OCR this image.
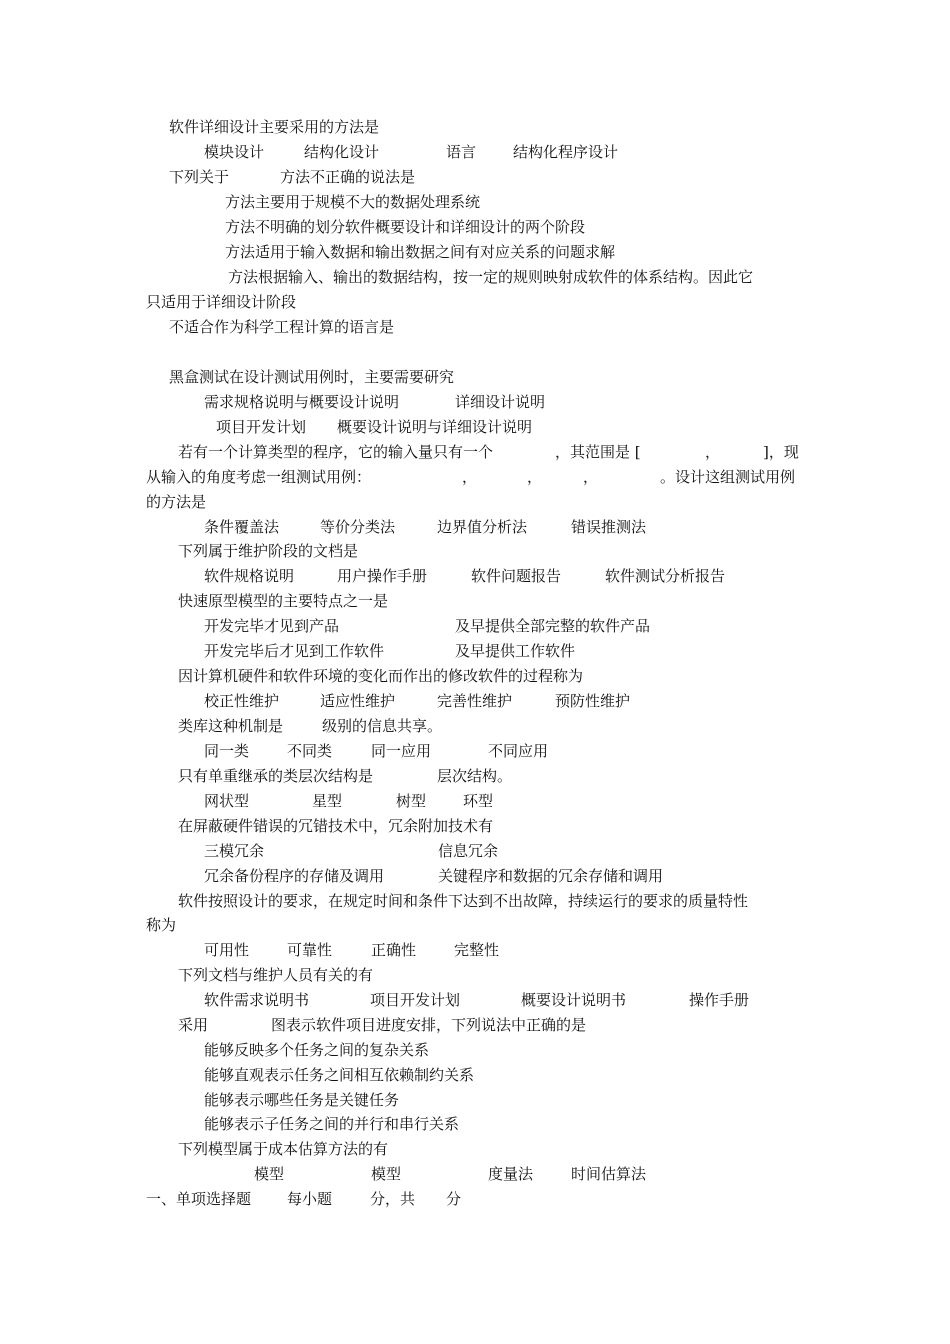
软件详细设计主要采用的方法是
模块设计	结构化设计	语言 结构化程序设计
下列关于	方法不正确的说法是
方法主要用于规模不大的数据处理系统
方法不明确的划分软件概要设计和详细设计的两个阶段
方法适用于输入数据和输出数据之间有对应关系的问题求解
方法根据输入、输出的数据结构，按一定的规则映射成软件的体系结构。因此它
只适用于详细设计阶段
不适合作为科学工程计算的语言是
黑盒测试在设计测试用例时，主要需要研究
需求规格说明与概要设计说明	详细设计说明
项目开发计划 概要设计说明与详细设计说明
若有一个计算类型的程序，它的输入量只有一个	，其范围是 [	，	]，现
从输入的角度考虑一组测试用例：	，	，	，	。设计这组测试用例
的方法是
条件覆盖法	等价分类法	边界值分析法	错误推测法
下列属于维护阶段的文档是
软件规格说明	用户操作手册	软件问题报告	软件测试分析报告
快速原型模型的主要特点之一是
开发完毕才见到产品	及早提供全部完整的软件产品
开发完毕后才见到工作软件	及早提供工作软件
因计算机硬件和软件环境的变化而作出的修改软件的过程称为
校正性维护	适应性维护	完善性维护	预防性维护
类库这种机制是	级别的信息共享。
同一类	不同类	同一应用	不同应用
只有单重继承的类层次结构是	层次结构。
网状型	星型	树型 环型
在屏蔽硬件错误的冗错技术中，冗余附加技术有
三模冗余	信息冗余
冗余备份程序的存储及调用	关键程序和数据的冗余存储和调用
软件按照设计的要求，在规定时间和条件下达到不出故障，持续运行的要求的质量特性
称为
可用性	可靠性	正确性	完整性
下列文档与维护人员有关的有
软件需求说明书	项目开发计划	概要设计说明书	操作手册
采用	图表示软件项目进度安排，下列说法中正确的是
能够反映多个任务之间的复杂关系
能够直观表示任务之间相互依赖制约关系
能够表示哪些任务是关键任务
能够表示子任务之间的并行和串行关系
下列模型属于成本估算方法的有
模型	模型	度量法	时间估算法
一、单项选择题 每小题	分，共 分
